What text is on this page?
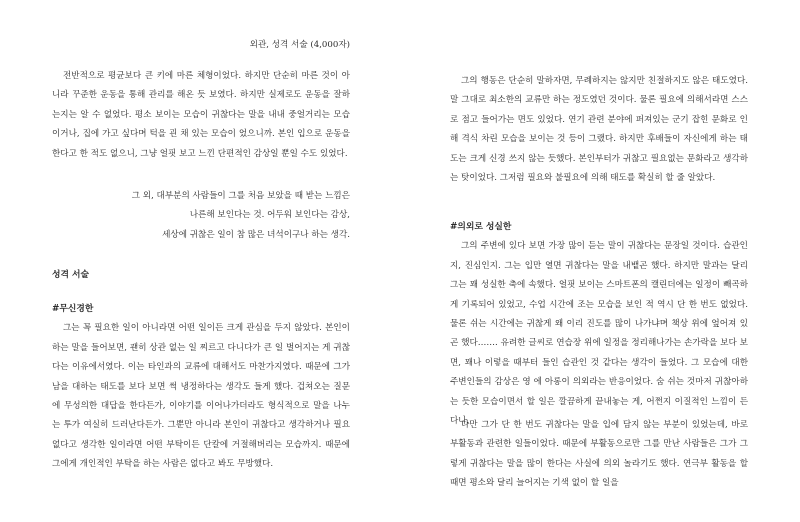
외관, 성격 서술 (4,000자)

전반적으로 평균보다 큰 키에 마른 체형이었다. 하지만 단순히 마른 것이 아니라 꾸준한 운동을 통해 관리를 해온 듯 보였다. 하지만 실제로도 운동을 잘하는지는 알 수 없었다. 평소 보이는 모습이 귀찮다는 말을 내내 중얼거리는 모습이거나, 집에 가고 싶다며 턱을 괸 채 있는 모습이 었으니까. 본인 입으로 운동을 한다고 한 적도 없으니, 그냥 얼핏 보고 느낀 단편적인 감상일 뿐일 수도 있었다.

그 외, 대부분의 사람들이 그를 처음 보았을 때 받는 느낌은
나른해 보인다는 것. 어두워 보인다는 감상,
세상에 귀찮은 일이 참 많은 녀석이구나 하는 생각.
성격 서술
#무신경한

그는 꼭 필요한 일이 아니라면 어떤 일이든 크게 관심을 두지 않았다. 본인이 하는 말을 들어보면, 괜히 상관 없는 일 찌르고 다니다가 큰 일 벌어지는 게 귀찮다는 이유에서였다. 이는 타인과의 교류에 대해서도 마찬가지였다. 때문에 그가 남을 대하는 태도를 보다 보면 썩 냉정하다는 생각도 들게 했다. 겁쳐오는 질문에 무성의한 대답을 한다든가, 이야기를 이어나가더라도 형식적으로 말을 나누는 투가 여실히 드러난다든가. 그뿐만 아니라 본인이 귀찮다고 생각하거나 필요 없다고 생각한 일이라면 어떤 부탁이든 단칼에 거절해버리는 모습까지. 때문에 그에게 개인적인 부탁을 하는 사람은 없다고 봐도 무방했다.

그의 행동은 단순히 말하자면, 무례하지는 않지만 친절하지도 않은 태도였다. 말 그대로 최소한의 교류만 하는 정도였던 것이다. 물론 필요에 의해서라면 스스로 점고 들어가는 면도 있었다. 연기 관련 분야에 퍼져있는 군기 잡힌 문화로 인해 격식 차린 모습을 보이는 것 등이 그랬다. 하지만 후배들이 자신에게 하는 태도는 크게 신경 쓰지 않는 듯했다. 본인부터가 귀찮고 필요없는 문화라고 생각하는 탓이었다. 그저럼 필요와 불필요에 의해 태도를 확실히 할 줄 알았다.

#의외로 성실한

그의 주변에 있다 보면 가장 많이 듣는 말이 귀찮다는 문장일 것이다. 습관인지, 진심인지. 그는 입만 열면 귀찮다는 말을 내뱉곤 했다. 하지만 말과는 달리 그는 꽤 성실한 축에 속했다. 얼핏 보이는 스마트폰의 캘린더에는 일정이 빼곡하게 기록되어 있었고, 수업 시간에 조는 모습을 보인 적 역시 단 한 번도 없었다. 물론 쉬는 시간에는 귀찮게 왜 이리 진도를 많이 나가냐며 책상 위에 엎어져 있곤 했다……. 유려한 글씨로 연습장 위에 일정을 정리해나가는 손가락을 보다 보면, 꽤나 이렇을 때부터 들인 습관인 것 같다는 생각이 들었다. 그 모습에 대한 주변인들의 감상은 영 에 아롱이 의외라는 반응이었다. 숨 쉬는 것마저 귀찮아하는 듯한 모습이면서 할 일은 깔끔하게 끝내놓는 게, 어쩐지 이질적인 느낌이 든다나.

다만 그가 단 한 번도 귀찮다는 말을 입에 담지 않는 부분이 있었는데, 바로 부활동과 관련한 일들이었다. 때문에 부활동으로만 그를 만난 사람들은 그가 그렇게 귀찮다는 말을 많이 한다는 사실에 의외 놀라기도 했다. 연극부 활동을 할 때면 평소와 달리 늘어지는 기색 없이 할 일을
